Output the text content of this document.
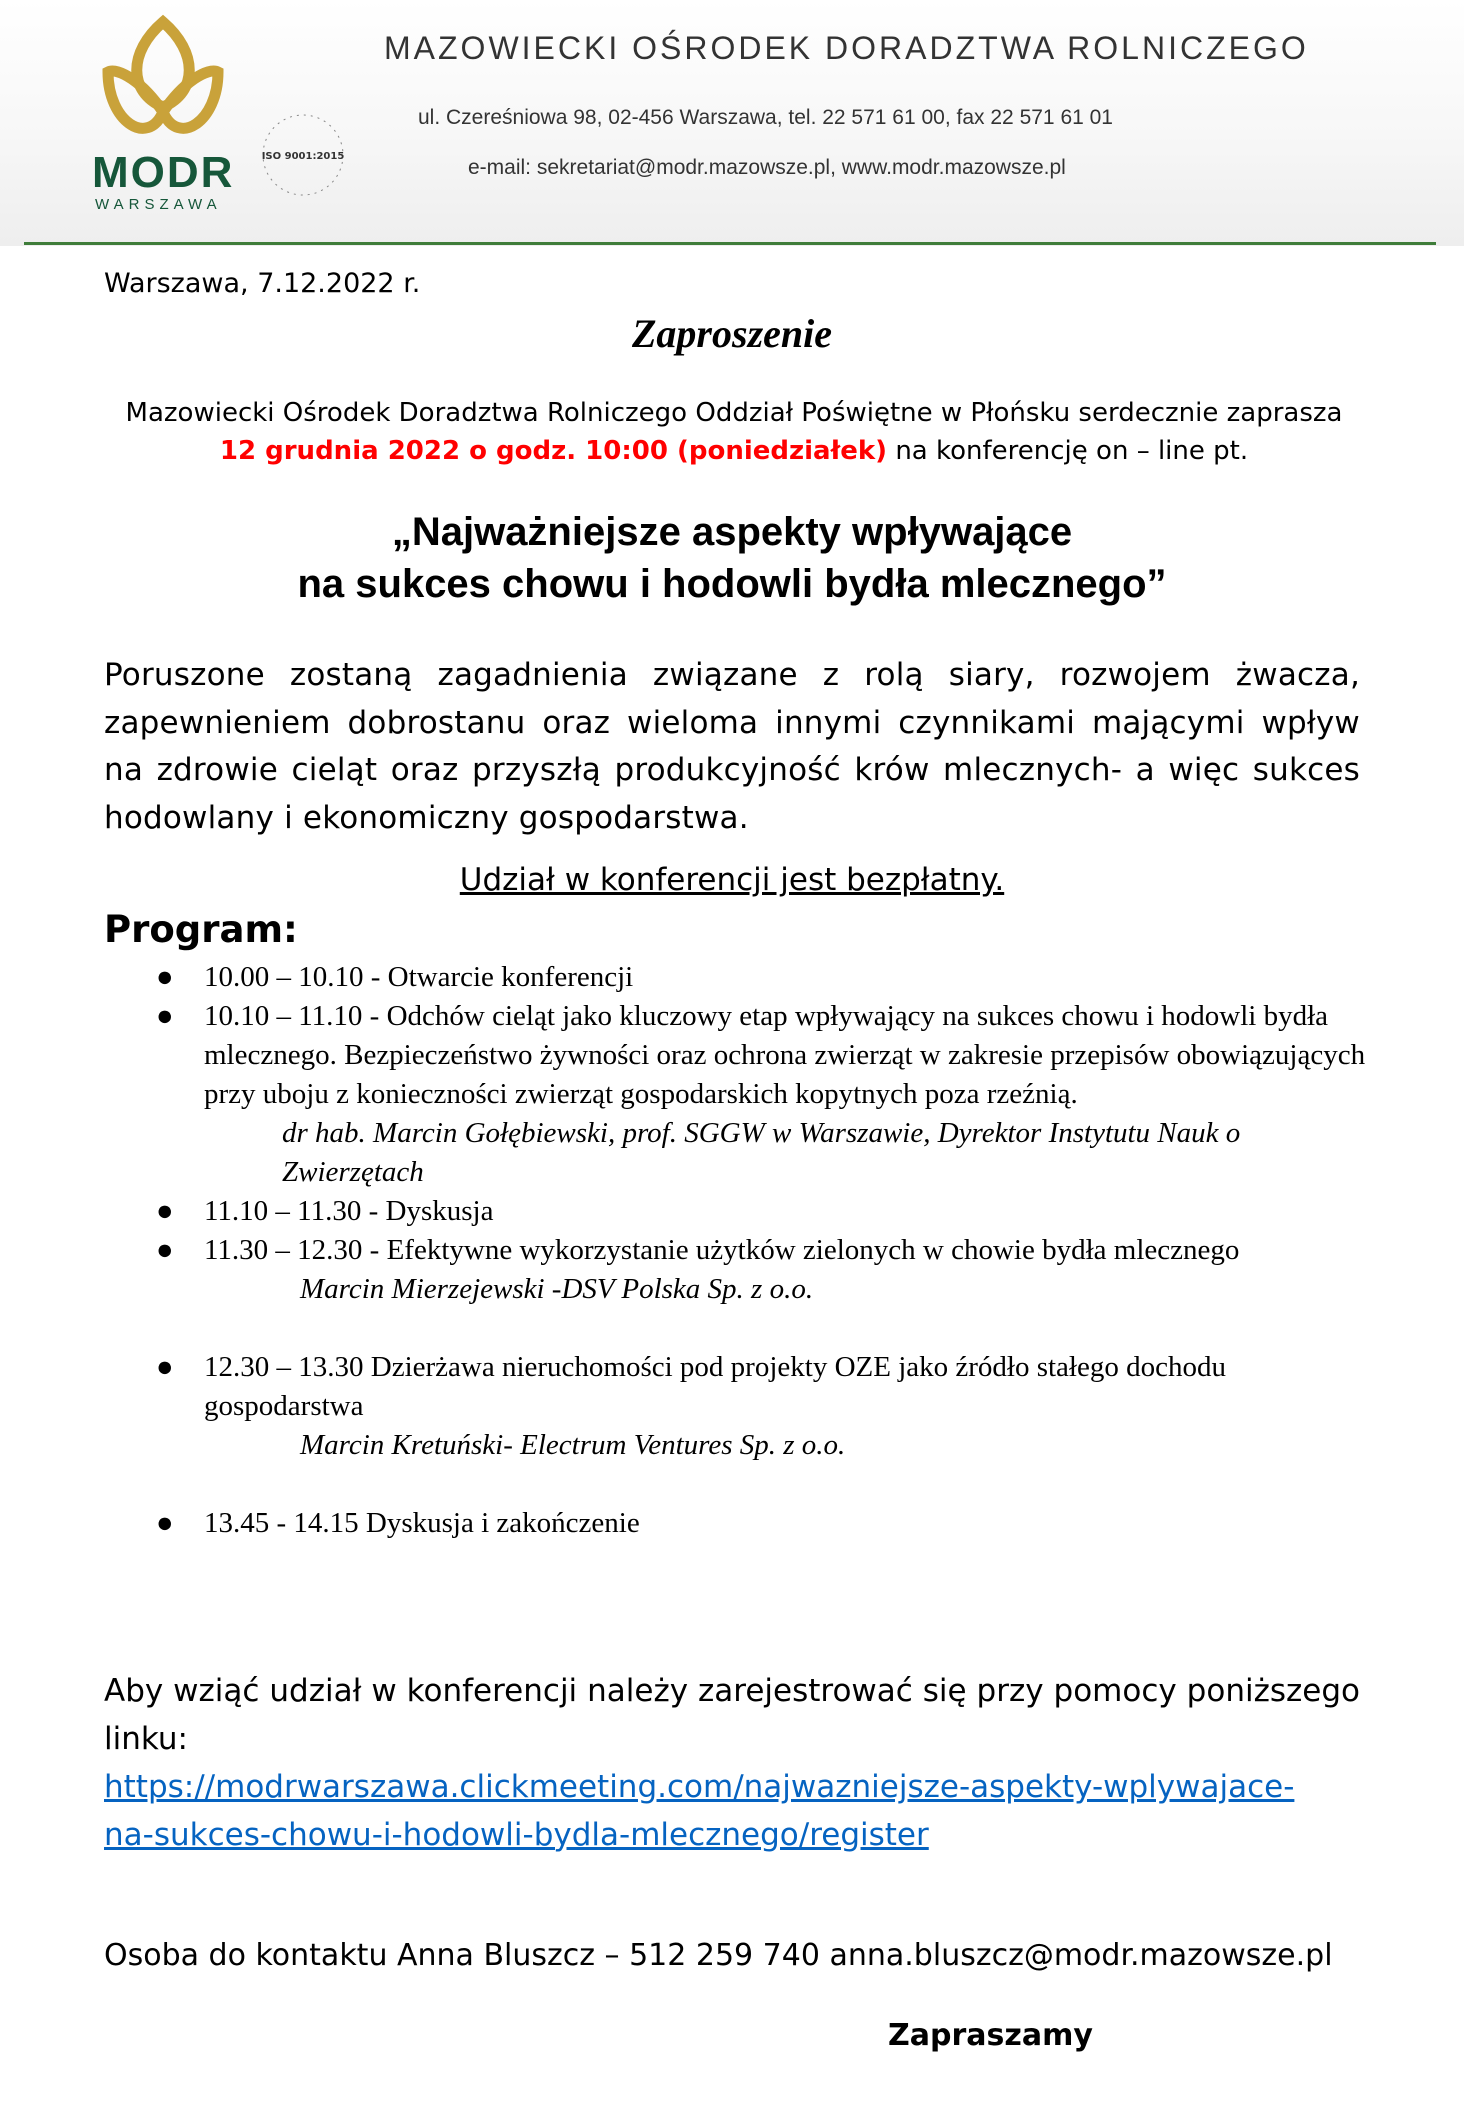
MODR
WARSZAWA
ISO 9001:2015
MAZOWIECKI OŚRODEK DORADZTWA ROLNICZEGO
ul. Czereśniowa 98, 02-456 Warszawa, tel. 22 571 61 00, fax 22 571 61 01
e-mail: sekretariat@modr.mazowsze.pl, www.modr.mazowsze.pl
Warszawa, 7.12.2022 r.
Zaproszenie
Mazowiecki Ośrodek Doradztwa Rolniczego Oddział Poświętne w Płońsku serdecznie zaprasza
12 grudnia 2022 o godz. 10:00 (poniedziałek) na konferencję on – line pt.
„Najważniejsze aspekty wpływające
na sukces chowu i hodowli bydła mlecznego”
Poruszone zostaną zagadnienia związane z rolą siary, rozwojem żwacza, zapewnieniem dobrostanu oraz wieloma innymi czynnikami mającymi wpływ na zdrowie cieląt oraz przyszłą produkcyjność krów mlecznych- a więc sukces hodowlany i ekonomiczny gospodarstwa.
Udział w konferencji jest bezpłatny.
Program:
● 10.00 – 10.10 - Otwarcie konferencji
● 10.10 – 11.10 - Odchów cieląt jako kluczowy etap wpływający na sukces chowu i hodowli bydła mlecznego. Bezpieczeństwo żywności oraz ochrona zwierząt w zakresie przepisów obowiązujących przy uboju z konieczności zwierząt gospodarskich kopytnych poza rzeźnią.
dr hab. Marcin Gołębiewski, prof. SGGW w Warszawie, Dyrektor Instytutu Nauk o Zwierzętach
● 11.10 – 11.30 - Dyskusja
● 11.30 – 12.30 - Efektywne wykorzystanie użytków zielonych w chowie bydła mlecznego
Marcin Mierzejewski -DSV Polska Sp. z o.o.
● 12.30 – 13.30 Dzierżawa nieruchomości pod projekty OZE jako źródło stałego dochodu gospodarstwa
Marcin Kretuński- Electrum Ventures Sp. z o.o.
● 13.45 - 14.15 Dyskusja i zakończenie
Aby wziąć udział w konferencji należy zarejestrować się przy pomocy poniższego linku:
https://modrwarszawa.clickmeeting.com/najwazniejsze-aspekty-wplywajace-
na-sukces-chowu-i-hodowli-bydla-mlecznego/register
Osoba do kontaktu Anna Bluszcz – 512 259 740 anna.bluszcz@modr.mazowsze.pl
Zapraszamy
